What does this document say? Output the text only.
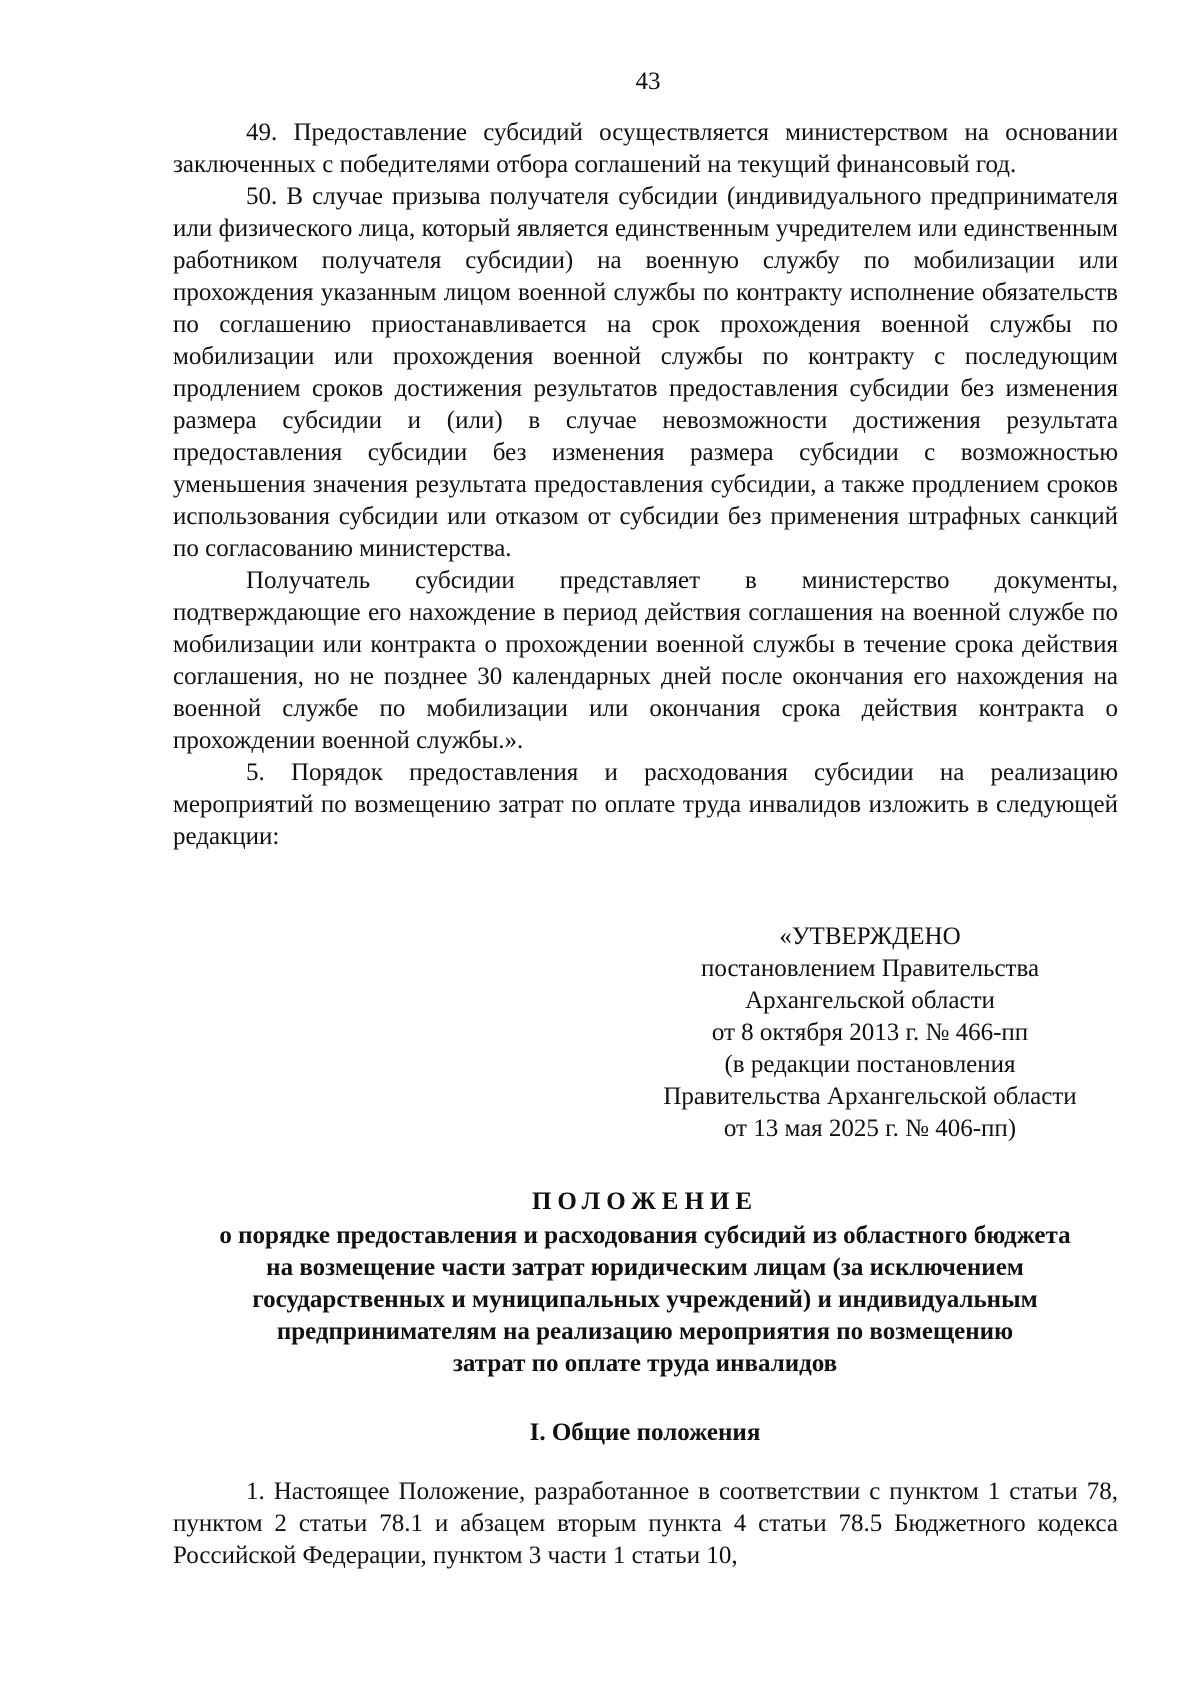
43

49. Предоставление субсидий осуществляется министерством на основании заключенных с победителями отбора соглашений на текущий финансовый год.

50. В случае призыва получателя субсидии (индивидуального предпринимателя или физического лица, который является единственным учредителем или единственным работником получателя субсидии) на военную службу по мобилизации или прохождения указанным лицом военной службы по контракту исполнение обязательств по соглашению приостанавливается на срок прохождения военной службы по мобилизации или прохождения военной службы по контракту с последующим продлением сроков достижения результатов предоставления субсидии без изменения размера субсидии и (или) в случае невозможности достижения результата предоставления субсидии без изменения размера субсидии с возможностью уменьшения значения результата предоставления субсидии, а также продлением сроков использования субсидии или отказом от субсидии без применения штрафных санкций по согласованию министерства.

Получатель субсидии представляет в министерство документы, подтверждающие его нахождение в период действия соглашения на военной службе по мобилизации или контракта о прохождении военной службы в течение срока действия соглашения, но не позднее 30 календарных дней после окончания его нахождения на военной службе по мобилизации или окончания срока действия контракта о прохождении военной службы.».

5. Порядок предоставления и расходования субсидии на реализацию мероприятий по возмещению затрат по оплате труда инвалидов изложить в следующей редакции:

«УТВЕРЖДЕНО
постановлением Правительства
Архангельской области
от 8 октября 2013 г. № 466-пп
(в редакции постановления
Правительства Архангельской области
от 13 мая 2025 г. № 406-пп)
ПОЛОЖЕНИЕ
о порядке предоставления и расходования субсидий из областного бюджета
на возмещение части затрат юридическим лицам (за исключением
государственных и муниципальных учреждений) и индивидуальным
предпринимателям на реализацию мероприятия по возмещению
затрат по оплате труда инвалидов
I. Общие положения

1. Настоящее Положение, разработанное в соответствии с пунктом 1 статьи 78, пунктом 2 статьи 78.1 и абзацем вторым пункта 4 статьи 78.5 Бюджетного кодекса Российской Федерации, пунктом 3 части 1 статьи 10,
